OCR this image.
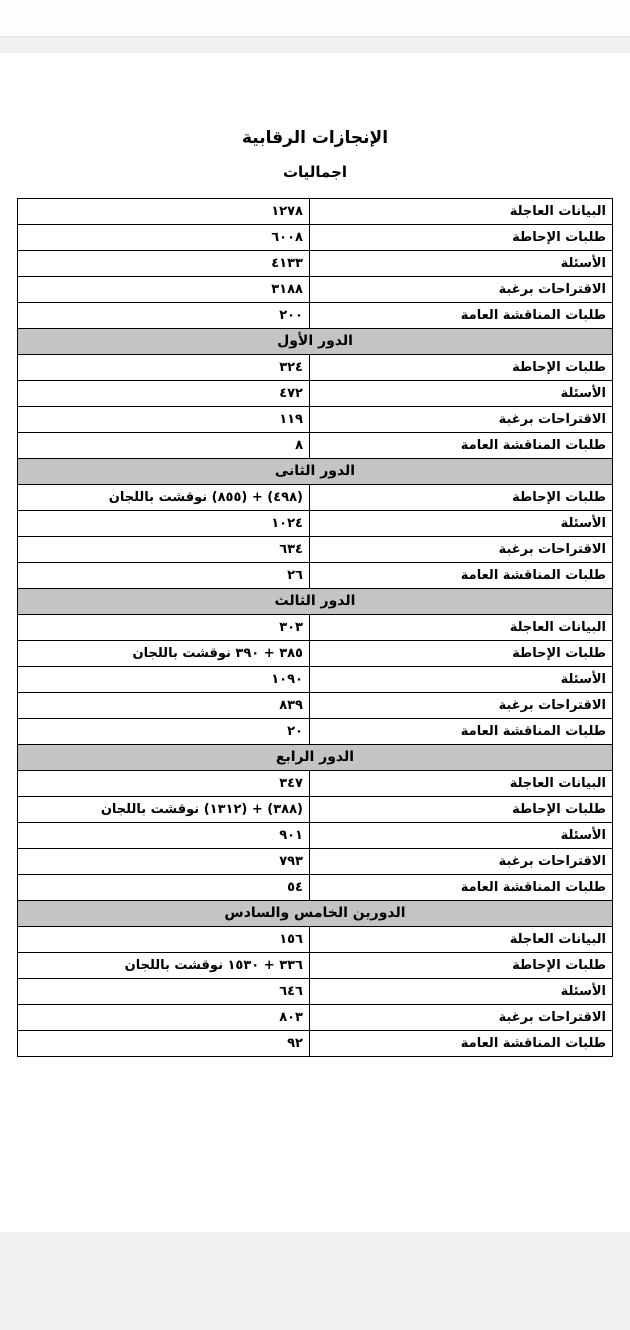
الإنجازات الرقابية
اجماليات
البيانات العاجلة	١٢٧٨
طلبات الإحاطة	٦٠٠٨
الأسئلة	٤١٣٣
الاقتراحات برغبة	٣١٨٨
طلبات المناقشة العامة	٢٠٠
الدور الأول	
طلبات الإحاطة	٣٢٤
الأسئلة	٤٧٢
الاقتراحات برغبة	١١٩
طلبات المناقشة العامة	٨
الدور الثانى	
طلبات الإحاطة	(٤٩٨) + (٨٥٥) نوقشت باللجان
الأسئلة	١٠٢٤
الاقتراحات برغبة	٦٣٤
طلبات المناقشة العامة	٢٦
الدور الثالث	
البيانات العاجلة	٣٠٣
طلبات الإحاطة	٣٨٥ + ٣٩٠ نوقشت باللجان
الأسئلة	١٠٩٠
الاقتراحات برغبة	٨٣٩
طلبات المناقشة العامة	٢٠
الدور الرابع	
البيانات العاجلة	٣٤٧
طلبات الإحاطة	(٣٨٨) + (١٣١٢) نوقشت باللجان
الأسئلة	٩٠١
الاقتراحات برغبة	٧٩٣
طلبات المناقشة العامة	٥٤
الدورين الخامس والسادس	
البيانات العاجلة	١٥٦
طلبات الإحاطة	٣٣٦ + ١٥٣٠ نوقشت باللجان
الأسئلة	٦٤٦
الاقتراحات برغبة	٨٠٣
طلبات المناقشة العامة	٩٢
